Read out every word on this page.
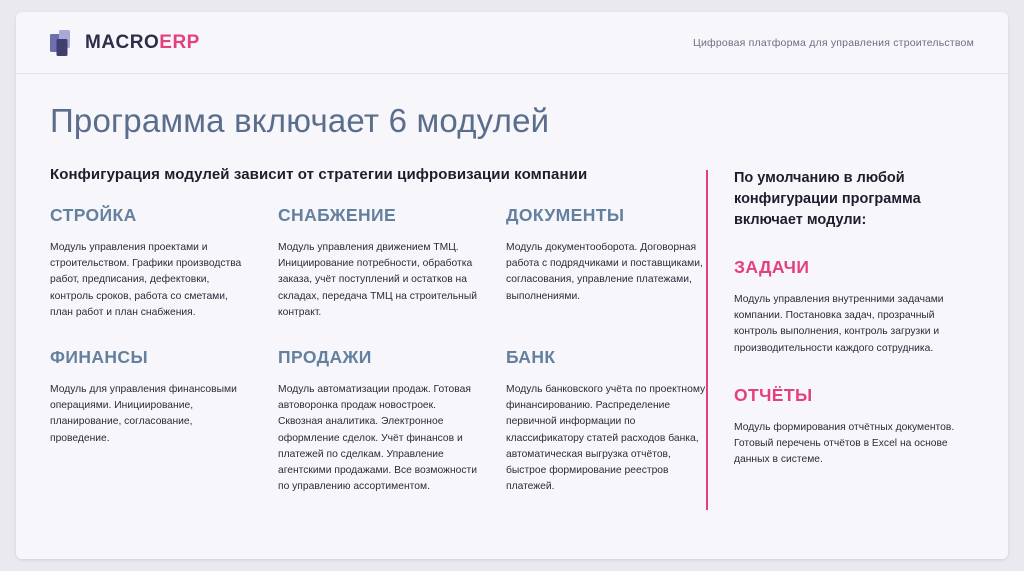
MACROERP	Цифровая платформа для управления строительством
Программа включает 6 модулей
Конфигурация модулей зависит от стратегии цифровизации компании
СТРОЙКА

Модуль управления проектами и строительством. Графики производства работ, предписания, дефектовки, контроль сроков, работа со сметами, план работ и план снабжения.

СНАБЖЕНИЕ

Модуль управления движением ТМЦ. Инициирование потребности, обработка заказа, учёт поступлений и остатков на складах, передача ТМЦ на строительный контракт.

ДОКУМЕНТЫ

Модуль документооборота. Договорная работа с подрядчиками и поставщиками, согласования, управление платежами, выполнениями.

ФИНАНСЫ

Модуль для управления финансовыми операциями. Инициирование, планирование, согласование, проведение.

ПРОДАЖИ

Модуль автоматизации продаж. Готовая автоворонка продаж новостроек. Сквозная аналитика. Электронное оформление сделок. Учёт финансов и платежей по сделкам. Управление агентскими продажами. Все возможности по управлению ассортиментом.

БАНК

Модуль банковского учёта по проектному финансированию. Распределение первичной информации по классификатору статей расходов банка, автоматическая выгрузка отчётов, быстрое формирование реестров платежей.

По умолчанию в любой конфигурации программа включает модули:
ЗАДАЧИ

Модуль управления внутренними задачами компании. Постановка задач, прозрачный контроль выполнения, контроль загрузки и производительности каждого сотрудника.

ОТЧЁТЫ

Модуль формирования отчётных документов. Готовый перечень отчётов в Excel на основе данных в системе.
